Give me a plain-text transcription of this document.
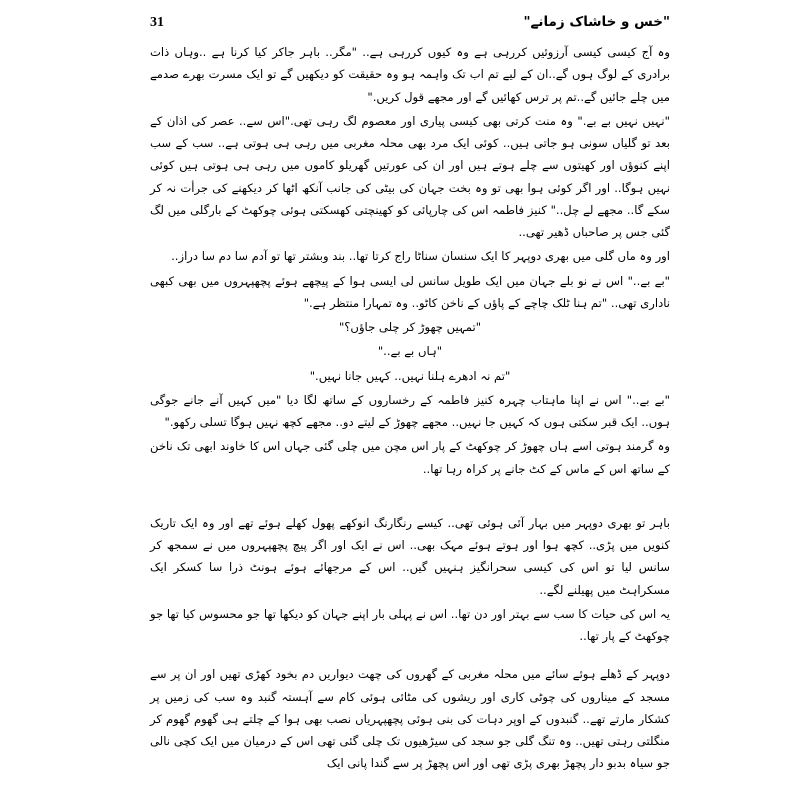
"خس و خاشاک زمانے"
31

وہ آج کیسی کیسی آرزوئیں کررہی ہے وہ کیوں کررہی ہے.. "مگر.. باہر جاکر کیا کرنا ہے ..وہاں ذات برادری کے لوگ ہوں گے..ان کے لیے تم اب تک واہمہ ہو وہ حقیقت کو دیکھیں گے تو ایک مسرت بھرے صدمے میں چلے جائیں گے..تم پر ترس کھائیں گے اور مجھے قول کریں."

"نہیں نہیں بے بے." وہ منت کرتی بھی کیسی پیاری اور معصوم لگ رہی تھی."اس سے.. عصر کی اذان کے بعد تو گلیاں سونی ہو جاتی ہیں.. کوئی ایک مرد بھی محلہ مغربی میں رہی ہی ہوتی ہے.. سب کے سب اپنے کنوؤں اور کھیتوں سے چلے ہوتے ہیں اور ان کی عورتیں گھریلو کاموں میں رہی ہی ہوتی ہیں کوئی نہیں ہوگا.. اور اگر کوئی ہوا بھی تو وہ بخت جہان کی بیٹی کی جانب آنکھ اٹھا کر دیکھنے کی جرأت نہ کر سکے گا.. مجھے لے چل.." کنیز فاطمہ اس کی چارپائی کو کھینچتی کھسکتی ہوئی چوکھٹ کے بارگلی میں لگ گئی جس پر صاحباں ڈھیر تھی..

اور وہ ماں گلی میں بھری دوپہر کا ایک سنسان سناٹا راج کرتا تھا.. بند وبشتر تھا تو آدم سا دم سا دراز..

"بے بے.." اس نے نو بلے جہان میں ایک طویل سانس لی ایسی ہوا کے پیچھے ہوئے پچھپہروں میں بھی کبھی ناداری تھی.. "تم ہنا ٹلک چاچے کے پاؤں کے ناخن کاٹو.. وہ تمہارا منتظر ہے."

"تمہیں چھوڑ کر چلی جاؤں؟"

"ہاں بے بے.."

"تم نہ ادھرے ہلنا نہیں.. کہیں جانا نہیں."

"بے بے.." اس نے اپنا ماہتاب چہرہ کنیز فاطمہ کے رخساروں کے ساتھ لگا دیا "میں کہیں آنے جانے جوگی ہوں.. ایک قبر سکتی ہوں کہ کہیں جا نہیں.. مجھے چھوڑ کے لیتے دو.. مجھے کچھ نہیں ہوگا تسلی رکھو."

وہ گرمند ہوتی اسے ہاں چھوڑ کر چوکھٹ کے پار اس مچن میں چلی گئی جہاں اس کا خاوند ابھی تک ناخن کے ساتھ اس کے ماس کے کٹ جانے پر کراہ رہا تھا..

باہر تو بھری دوپہر میں بہار آئی ہوئی تھی.. کیسے رنگارنگ انوکھے پھول کھلے ہوئے تھے اور وہ ایک تاریک کنویں میں پڑی.. کچھ ہوا اور ہوتے ہوئے مہک بھی.. اس نے ایک اور اگر پیچ پچھپہروں میں نے سمجھ کر سانس لیا تو اس کی کیسی سحرانگیز ہنہیں گیں.. اس کے مرجھائے ہوئے ہونٹ ذرا سا کسکر ایک مسکراہٹ میں پھیلنے لگے..

یہ اس کی حیات کا سب سے بہتر اور دن تھا.. اس نے پہلی بار اپنے جہان کو دیکھا تھا جو محسوس کیا تھا جو چوکھٹ کے پار تھا..

دوپہر کے ڈھلے ہوئے سائے میں محلہ مغربی کے گھروں کی چھت دیواریں دم بخود کھڑی تھیں اور ان پر سے مسجد کے میناروں کی چوٹی کاری اور ریشوں کی مٹائی ہوئی کام سے آہستہ گنبد وہ سب کی زمیں پر کشکار مارتے تھے.. گنبدوں کے اوپر دہات کی بنی ہوئی پچھپہریاں نصب بھی ہوا کے چلتے ہی گھوم گھوم کر منگلتی رہتی تھیں.. وہ تنگ گلی جو سجد کی سیڑھیوں تک چلی گئی تھی اس کے درمیان میں ایک کچی نالی جو سیاہ بدبو دار پچھڑ بھری پڑی تھی اور اس پچھڑ پر سے گندا پانی ایک
